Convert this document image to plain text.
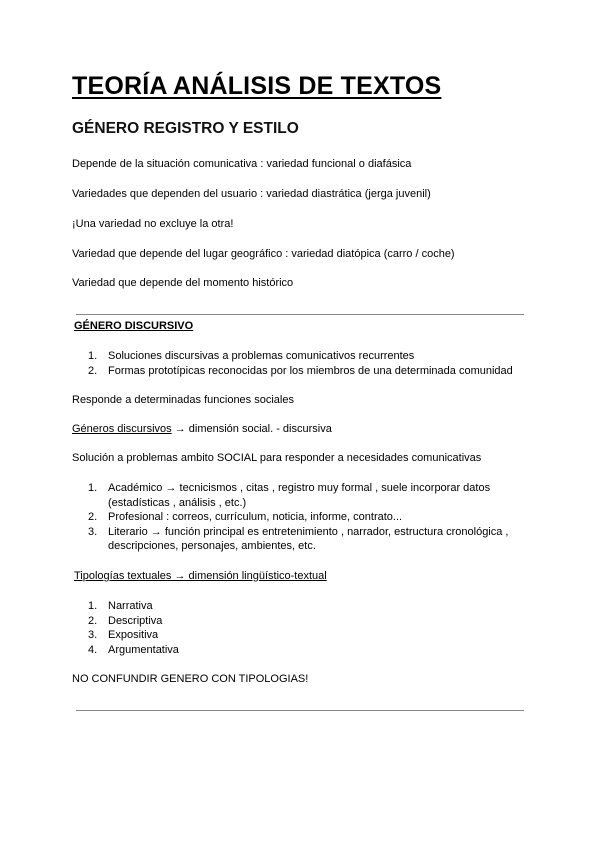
TEORÍA ANÁLISIS DE TEXTOS
GÉNERO REGISTRO Y ESTILO

Depende de la situación comunicativa : variedad funcional o diafásica

Variedades que dependen del usuario : variedad diastrática (jerga juvenil)

¡Una variedad no excluye la otra!

Variedad que depende del lugar geográfico : variedad diatópica (carro / coche)

Variedad que depende del momento histórico

GÉNERO DISCURSIVO
1. Soluciones discursivas a problemas comunicativos recurrentes
2. Formas prototípicas reconocidas por los miembros de una determinada comunidad

Responde a determinadas funciones sociales

Géneros discursivos → dimensión social. - discursiva

Solución a problemas ambito SOCIAL para responder a necesidades comunicativas

1. Académico → tecnicismos , citas , registro muy formal , suele incorporar datos
(estadísticas , análisis , etc.)
2. Profesional : correos, currículum, noticia, informe, contrato...
3. Literario → función principal es entretenimiento , narrador, estructura cronológica ,
descripciones, personajes, ambientes, etc.

Tipologías textuales → dimensión lingüístico-textual

1. Narrativa
2. Descriptiva
3. Expositiva
4. Argumentativa

NO CONFUNDIR GENERO CON TIPOLOGIAS!
